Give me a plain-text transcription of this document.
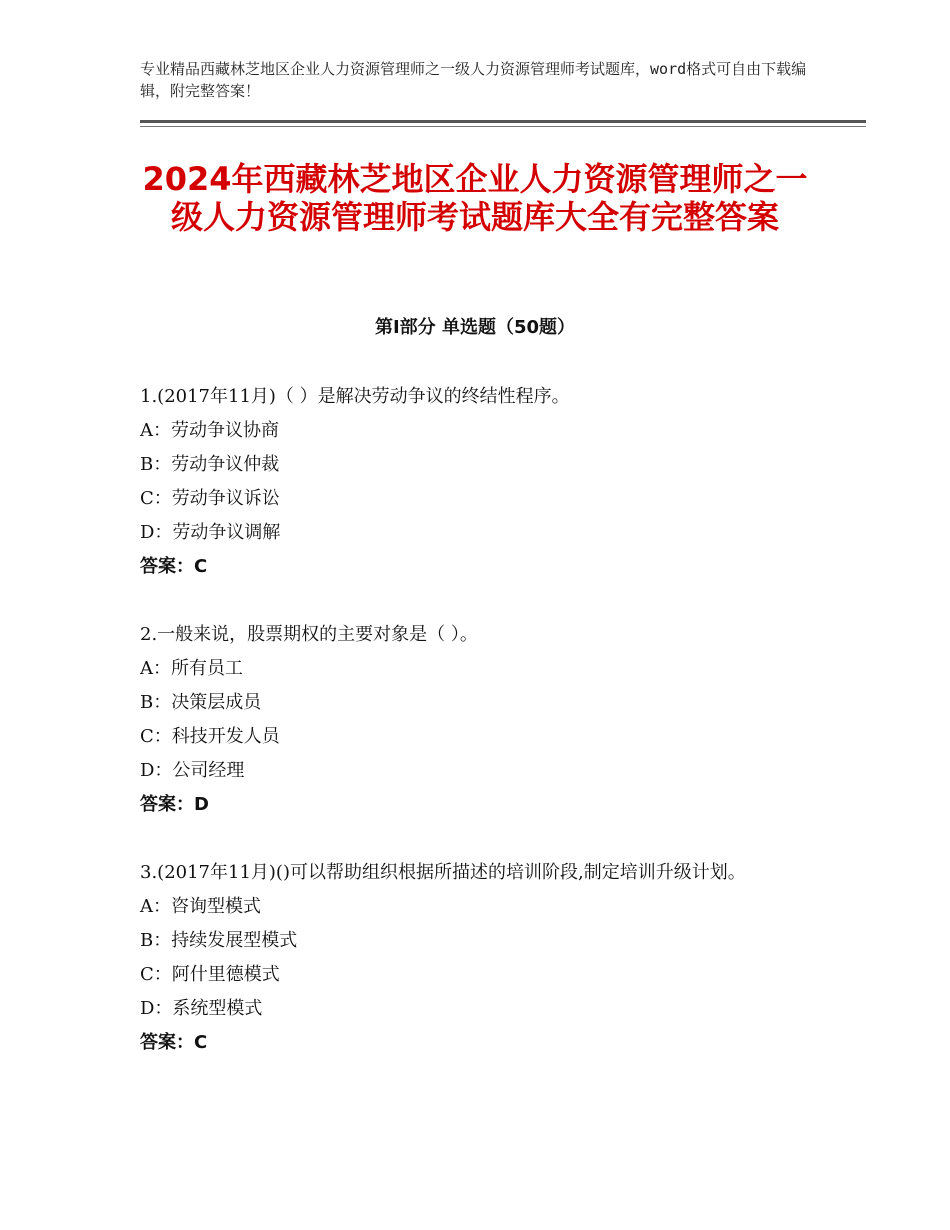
专业精品西藏林芝地区企业人力资源管理师之一级人力资源管理师考试题库，word格式可自由下载编辑，附完整答案！
2024年西藏林芝地区企业人力资源管理师之一级人力资源管理师考试题库大全有完整答案
第Ⅰ部分 单选题（50题）
1.(2017年11月)（ ）是解决劳动争议的终结性程序。
A：劳动争议协商
B：劳动争议仲裁
C：劳动争议诉讼
D：劳动争议调解
答案：C
2.一般来说，股票期权的主要对象是（ ）。
A：所有员工
B：决策层成员
C：科技开发人员
D：公司经理
答案：D
3.(2017年11月)()可以帮助组织根据所描述的培训阶段,制定培训升级计划。
A：咨询型模式
B：持续发展型模式
C：阿什里德模式
D：系统型模式
答案：C
